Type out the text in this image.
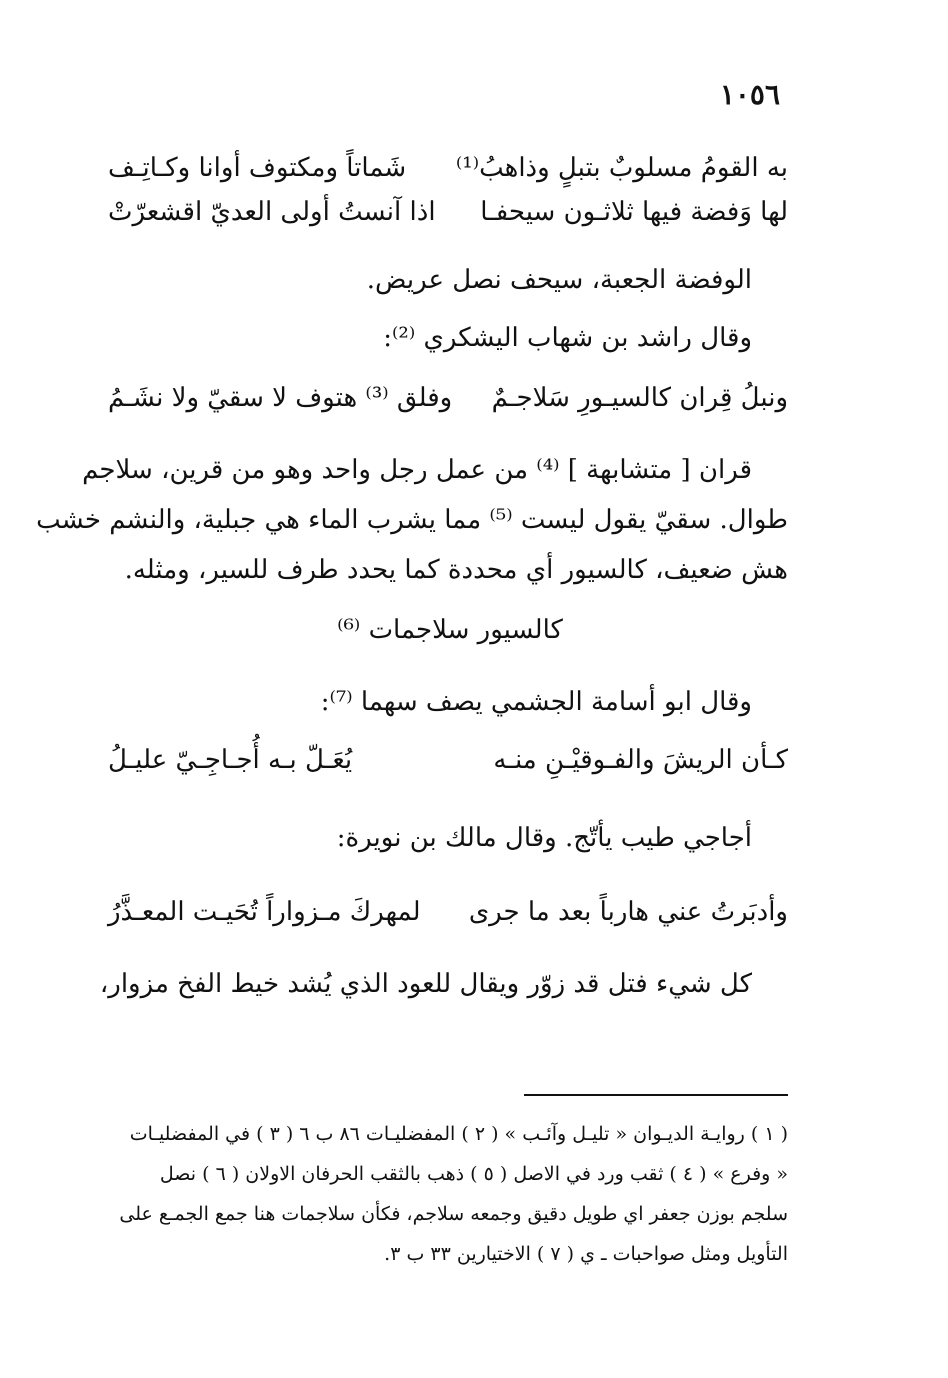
١٠٥٦
به القومُ مسلوبٌ بتبلٍ وذاهبُ⁽¹⁾
شَماتاً ومكتوف أوانا وكـاتِـف
لها وَفضة فيها ثلاثـون سيحفـا
اذا آنستُ أولى العديّ اقشعرّتْ
الوفضة الجعبة، سيحف نصل عريض.
وقال راشد بن شهاب اليشكري ⁽²⁾:
ونبلُ قِران كالسيـورِ سَلاجـمٌ
وفلق ⁽³⁾ هتوف لا سقيّ ولا نشَـمُ
قران [ متشابهة ] ⁽⁴⁾ من عمل رجل واحد وهو من قرين، سلاجم
طوال. سقيّ يقول ليست ⁽⁵⁾ مما يشرب الماء هي جبلية، والنشم خشب
هش ضعيف، كالسيور أي محددة كما يحدد طرف للسير، ومثله.
كالسيور سلاجمات ⁽⁶⁾
وقال ابو أسامة الجشمي يصف سهما ⁽⁷⁾:
كـأن الريشَ والفـوقيْـنِ منـه
يُعَـلّ بـه أُجـاجِـيّ عليـلُ
أجاجي طيب يأتّج. وقال مالك بن نويرة:
وأدبَرتُ عني هارباً بعد ما جرى
لمهركَ مـزواراً تُحَيـت المعـذَّرُ
كل شيء فتل قد زوّر ويقال للعود الذي يُشد خيط الفخ مزوار،
( ١ ) روايـة الديـوان « تليـل وآئـب » ( ٢ ) المفضليـات ٨٦ ب ٦ ( ٣ ) في المفضليـات
« وفرع » ( ٤ ) ثقب ورد في الاصل ( ٥ ) ذهب بالثقب الحرفان الاولان ( ٦ ) نصل
سلجم بوزن جعفر اي طويل دقيق وجمعه سلاجم، فكأن سلاجمات هنا جمع الجمـع على
التأويل ومثل صواحبات ـ ي ( ٧ ) الاختيارين ٣٣ ب ٣.
